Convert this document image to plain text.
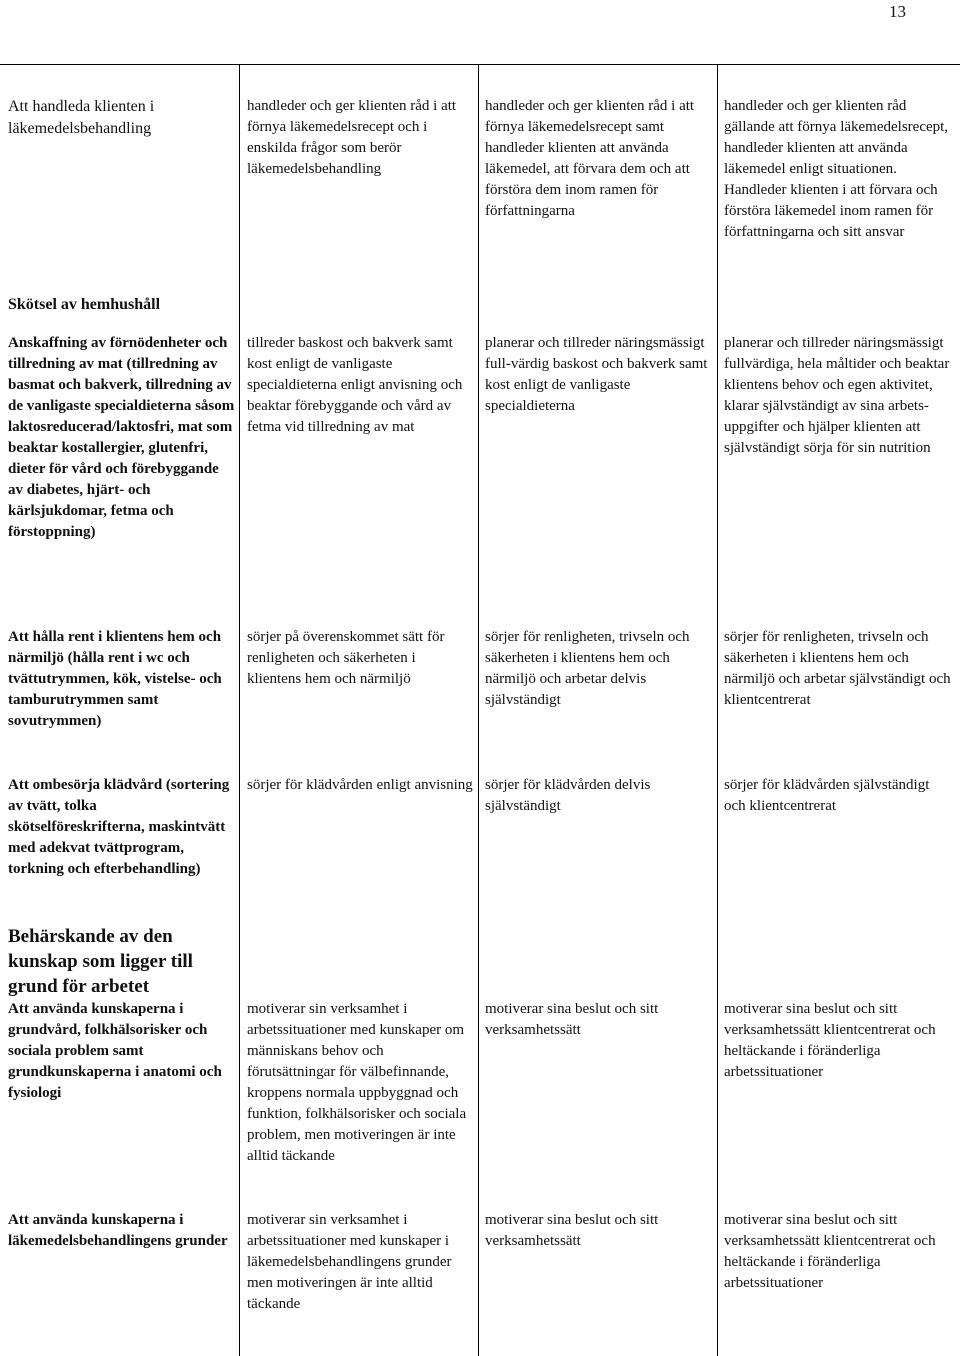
13
Att handleda klienten i läkemedelsbehandling
handleder och ger klienten råd i att förnya läkemedelsrecept och i enskilda frågor som berör läkemedelsbehandling
handleder och ger klienten råd i att förnya läkemedelsrecept samt handleder klienten att använda läkemedel, att förvara dem och att förstöra dem inom ramen för författningarna
handleder och ger klienten råd gällande att förnya läkemedelsrecept, handleder klienten att använda läkemedel enligt situationen. Handleder klienten i att förvara och förstöra läkemedel inom ramen för författningarna och sitt ansvar
Skötsel av hemhushåll
Anskaffning av förnödenheter och tillredning av mat (tillredning av basmat och bakverk, tillredning av de vanligaste specialdieterna såsom laktosreducerad/laktosfri, mat som beaktar kostallergier, glutenfri, dieter för vård och förebyggande av diabetes, hjärt- och kärlsjukdomar, fetma och förstoppning)
tillreder baskost och bakverk samt kost enligt de vanligaste specialdieterna enligt anvisning och beaktar förebyggande och vård av fetma vid tillredning av mat
planerar och tillreder näringsmässigt full-värdig baskost och bakverk samt kost enligt de vanligaste specialdieterna
planerar och tillreder näringsmässigt fullvärdiga, hela måltider och beaktar klientens behov och egen aktivitet, klarar självständigt av sina arbets-uppgifter och hjälper klienten att självständigt sörja för sin nutrition
Att hålla rent i klientens hem och närmiljö (hålla rent i wc och tvättutrymmen, kök, vistelse- och tamburutrymmen samt sovutrymmen)
sörjer på överenskommet sätt för renligheten och säkerheten i klientens hem och närmiljö
sörjer för renligheten, trivseln och säkerheten i klientens hem och närmiljö och arbetar delvis självständigt
sörjer för renligheten, trivseln och säkerheten i klientens hem och närmiljö och arbetar självständigt och klientcentrerat
Att ombesörja klädvård (sortering av tvätt, tolka skötselföreskrifterna, maskintvätt med adekvat tvättprogram, torkning och efterbehandling)
sörjer för klädvården enligt anvisning sörjer för klädvården delvis självständigt
sörjer för klädvården självständigt och klientcentrerat
Behärskande av den kunskap som ligger till grund för arbetet
Att använda kunskaperna i grundvård, folkhälsorisker och sociala problem samt grundkunskaperna i anatomi och fysiologi
motiverar sin verksamhet i arbetssituationer med kunskaper om människans behov och förutsättningar för välbefinnande, kroppens normala uppbyggnad och funktion, folkhälsorisker och sociala problem, men motiveringen är inte alltid täckande
motiverar sina beslut och sitt verksamhetssätt
motiverar sina beslut och sitt verksamhetssätt klientcentrerat och heltäckande i föränderliga arbetssituationer
Att använda kunskaperna i läkemedelsbehandlingens grunder
motiverar sin verksamhet i arbetssituationer med kunskaper i läkemedelsbehandlingens grunder men motiveringen är inte alltid täckande
motiverar sina beslut och sitt verksamhetssätt
motiverar sina beslut och sitt verksamhetssätt klientcentrerat och heltäckande i föränderliga arbetssituationer
